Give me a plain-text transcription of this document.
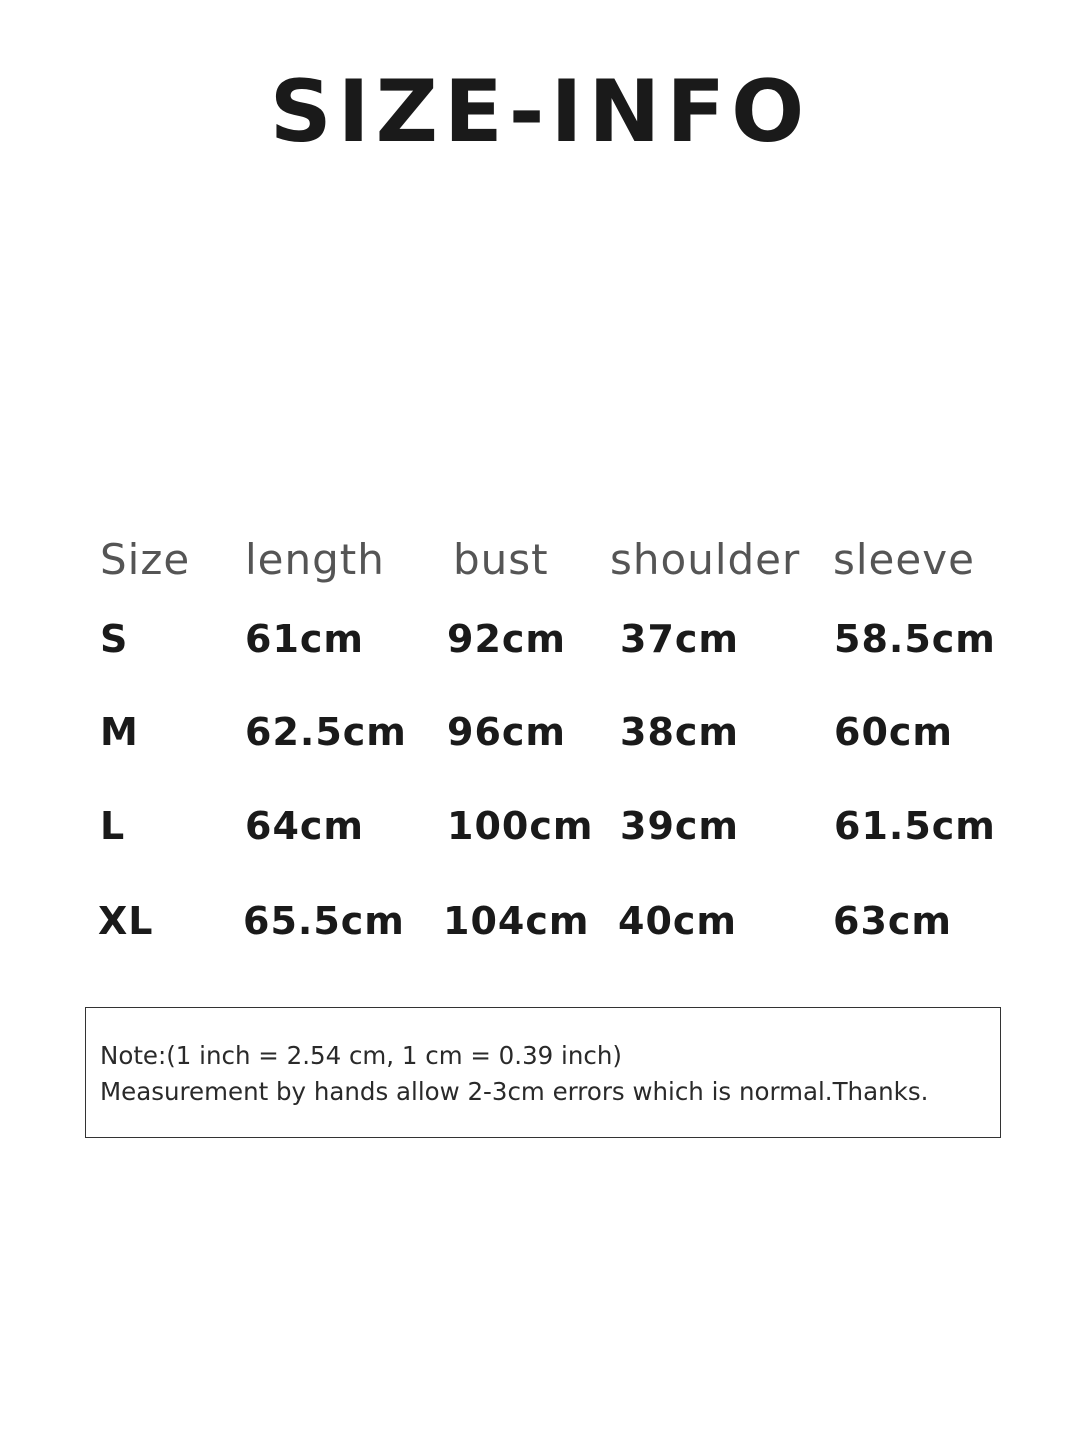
SIZE-INFO
Size length bust shoulder sleeve
S	61cm 92cm 37cm 58.5cm
M	62.5cm 96cm 38cm 60cm
L	64cm 100cm 39cm 61.5cm
XL 65.5cm 104cm 40cm	63cm
Note:(1 inch = 2.54 cm, 1 cm = 0.39 inch)
Measurement by hands allow 2-3cm errors which is normal.Thanks.
